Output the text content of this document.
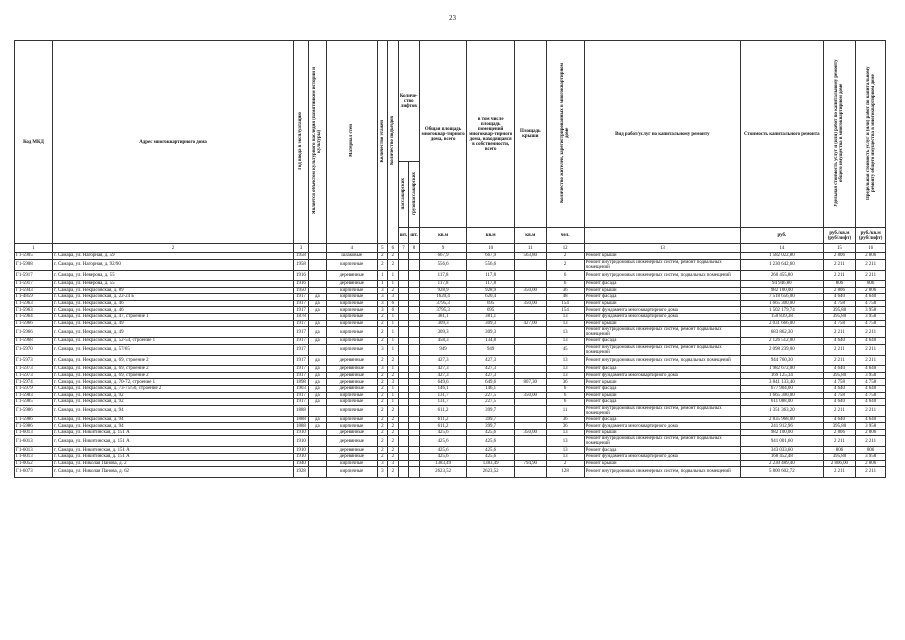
23
Код МКД	Адрес многоквартирного дома	Год ввода в эксплуатацию	Является объектом культурного наследия (памятником истории и культуры)	Материал стен	Количество этажей	Количество подъездов	Количе-ство лифтов		Общая площадь многоквар-тирного дома, всего	в том числе площадь помещений многоквар-тирного дома, находящаяся в собственности, всего	Площадь крыши	Количество жителей, зарегистрированных в многоквартирном доме	Вид работ/услуг по капитальному ремонту	Стоимость капитального ремонта	Удельная стоимость услуг и (или) работ по капитальному ремонту общего имущества в многоквартирном доме	Предельная стоимость услуг и (или) работ по капитальному ремонту общего имущества в многоквартирном доме
							пассажирских	грузопассажирских								
							шт.	шт.	кв.м	кв.м	кв.м	чел.		руб.	руб./кв.м (руб/лифт)	руб./кв.м (руб/лифт)
1	2	3		4	5	6	7	8	9	10	11	12	13	14	15	16
Г1-5905	г. Самара, ул. Нагорная, д. 59	1958		шлаковые	2	2			667,9	667,9	563,80	2	Ремонт крыши	1 582 022,80	2 806	2 806
Г1-5908	г. Самара, ул. Нагорная, д. 92/90	1958		кирпичные	2	2			556,6	556,6		2	Ремонт внутридомовых инженерных систем, ремонт подвальных помещений	1 230 642,60	2 211	2 211
Г1-5917	г. Самара, ул. Неверова, д. 55	1916		деревянные	1	1			117,8	117,8		6	Ремонт внутридомовых инженерных систем, подвальных помещений	260 455,80	2 211	2 211
Г1-5917	г. Самара, ул. Неверова, д. 55	1916		деревянные	1	1			117,8	117,8		6	Ремонт фасада	94 946,80	806	806
Г1-5943	г. Самара, ул. Некрасовская, д. 89	1950		кирпичные	3	2			928,9	928,9	350,00	36	Ремонт крыши	982 100,00	2 806	2 806
Г1-4859	г. Самара, ул. Некрасовская, д. 22-24 Б	1917	да	кирпичные	3	3			1620,4	620,4		48	Ремонт фасада	7 518 656,00	4 640	4 640
Г1-5963	г. Самара, ул. Некрасовская, д. 46	1917	да	кирпичные	3	6			3795,3	695	350,00	154	Ремонт крыши	1 665 300,00	4 758	4 758
Г1-5963	г. Самара, ул. Некрасовская, д. 46	1917	да	кирпичные	3	6			3795,3	695		154	Ремонт фундамента многоквартирного дома	1 502 179,74	395,80	3 958
Г1-5964	г. Самара, ул. Некрасовская, д. 47, строение 1	1878		кирпичные	2	1			381,1	381,1		13	Ремонт фундамента многоквартирного дома	150 839,38	395,80	3 958
Г1-5966	г. Самара, ул. Некрасовская, д. 49	1917	да	кирпичные	2	1			309,3	309,3	427,00	13	Ремонт крыши	2 031 666,00	4 758	4 758
Г1-5966	г. Самара, ул. Некрасовская, д. 49	1917	да	кирпичные	2	1			309,3	309,3		13	Ремонт внутридомовых инженерных систем, ремонт подвальных помещений	683 862,30	2 211	2 211
Г1-5968	г. Самара, ул. Некрасовская, д. 52-54, строение 1	1917	да	кирпичные	2	1			458,3	134,8		13	Ремонт фасада	2 126 512,00	4 640	4 640
Г1-5970	г. Самара, ул. Некрасовская, д. 57/65	1917		кирпичные	3	1			949	949		45	Ремонт внутридомовых инженерных систем, ремонт подвальных помещений	2 098 239,00	2 211	2 211
Г1-5973	г. Самара, ул. Некрасовская, д. 69, строение 2	1917	да	деревянные	2	2			427,3	427,3		13	Ремонт внутридомовых инженерных систем, подвальных помещений	944 760,30	2 211	2 211
Г1-5973	г. Самара, ул. Некрасовская, д. 69, строение 2	1917	да	деревянные	3	1			427,3	427,3		13	Ремонт фасада	1 982 672,00	4 640	4 640
Г1-5973	г. Самара, ул. Некрасовская, д. 69, строение 2	1917	да	деревянные	2	2			427,3	427,3		13	Ремонт фундамента многоквартирного дома	169 125,34	395,80	3 958
Г1-5974	г. Самара, ул. Некрасовская, д. 70-72, строение 1	1898	да	деревянные	2	3			649,6	649,6	807,30	36	Ремонт крыши	3 841 133,40	4 758	4 758
Г1-5979	г. Самара, ул. Некрасовская, д. 73-75/50, строение 2	1903	да	деревянные	2	1			146,1	146,1		6	Ремонт фасада	677 904,00	4 640	4 640
Г1-5983	г. Самара, ул. Некрасовская, д. 92	1917	да	кирпичные	2	1			131,7	227,5	350,00	6	Ремонт крыши	1 665 300,00	4 758	4 758
Г1-5985	г. Самара, ул. Некрасовская, д. 92	1917	да	кирпичные	2	1			131,7	227,5		6	Ремонт фасада	611 088,00	4 640	4 640
Г1-5986	г. Самара, ул. Некрасовская, д. 94	1888		кирпичные	2	2			611,2	399,7		11	Ремонт внутридомовых инженерных систем, ремонт подвальных помещений	1 351 363,20	2 211	2 211
Г1-5986	г. Самара, ул. Некрасовская, д. 94	1888	да	кирпичные	2	2			611,2	399,7		36	Ремонт фасада	2 835 968,00	4 640	4 640
Г1-5986	г. Самара, ул. Некрасовская, д. 94	1888	да	кирпичные	2	2			611,2	399,7		36	Ремонт фундамента многоквартирного дома	241 912,96	395,80	3 958
Г1-6013	г. Самара, ул. Никитинская, д. 151 А	1910		деревянные	2	2			425,6	425,6	350,00	13	Ремонт крыши	982 100,00	2 806	2 806
Г1-6013	г. Самара, ул. Никитинская, д. 151 А	1910		деревянные	2	2			425,6	425,6		13	Ремонт внутридомовых инженерных систем, ремонт подвальных помещений	941 001,60	2 211	2 211
Г1-6013	г. Самара, ул. Никитинская, д. 151 А	1910		деревянные	2	2			425,6	425,6		13	Ремонт фасада	343 033,60	806	806
Г1-6013	г. Самара, ул. Никитинская, д. 151 А	1910		деревянные	2	2			425,6	425,6		13	Ремонт фундамента многоквартирного дома	168 452,48	395,80	3 958
Г1-0052	г. Самара, ул. Николая Панова, д. 2	1940		кирпичные	3	3			1383,49	1383,49	794,90	2	Ремонт крыши	2 230 489,40	2 806,00	2 806
Г1-6073	г. Самара, ул. Николая Панова, д. 62	1928		кирпичные	3	2			2623,52	2623,52		128	Ремонт внутридомовых инженерных систем, подвальных помещений	5 800 602,72	2 211	2 211
